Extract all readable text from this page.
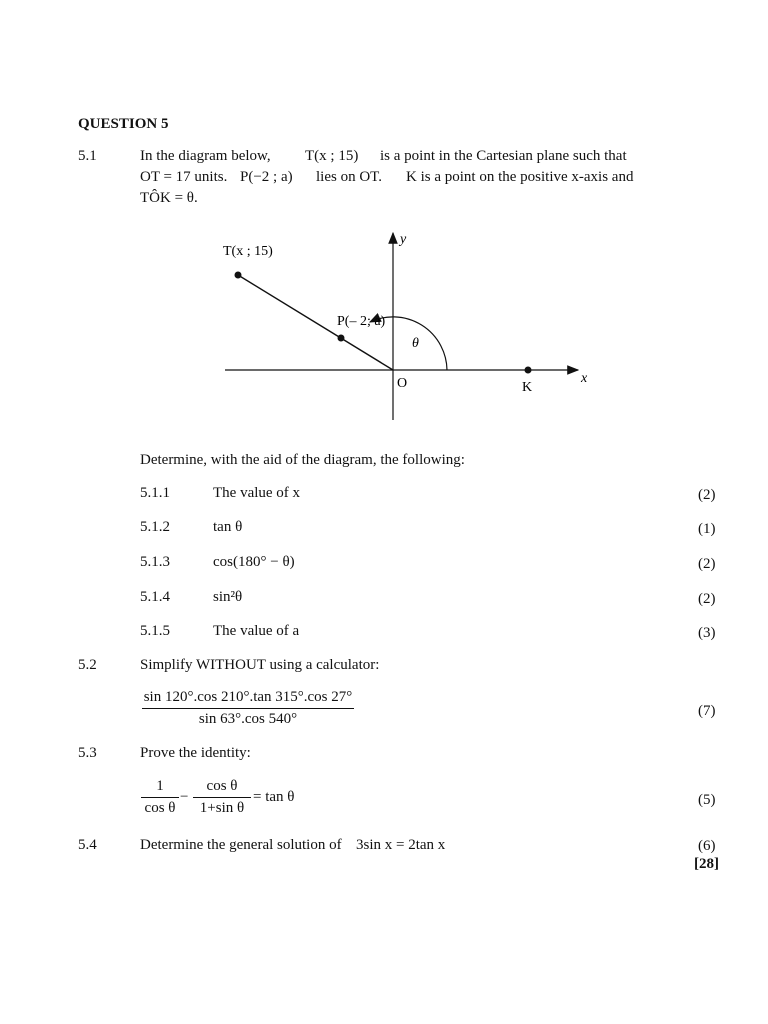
QUESTION 5
5.1	In the diagram below, T(x ; 15) is a point in the Cartesian plane such that
OT = 17 units. P(−2 ; a) lies on OT. K is a point on the positive x-axis and
TÔK = θ.
T(x ; 15)
P(– 2; a)
θ
O	K
x
y
Determine, with the aid of the diagram, the following:
5.1.1	The value of x	(2)
5.1.2	tan θ	(1)
5.1.3	cos(180° − θ)	(2)
5.1.4	sin²θ	(2)
5.1.5	The value of a	(3)
5.2	Simplify WITHOUT using a calculator:
$\frac{\sin 120^\circ.\cos 210^\circ.\tan 315^\circ.\cos 27^\circ}{\sin 63^\circ.\cos 540^\circ}$	(7)
5.3	Prove the identity:
$\frac{1}{\text{cos θ}} - \frac{\text{cos θ}}{\text{1+sin θ}} = \tan \theta$	(5)
5.4	Determine the general solution of 3sin x = 2tan x	(6)
[28]
